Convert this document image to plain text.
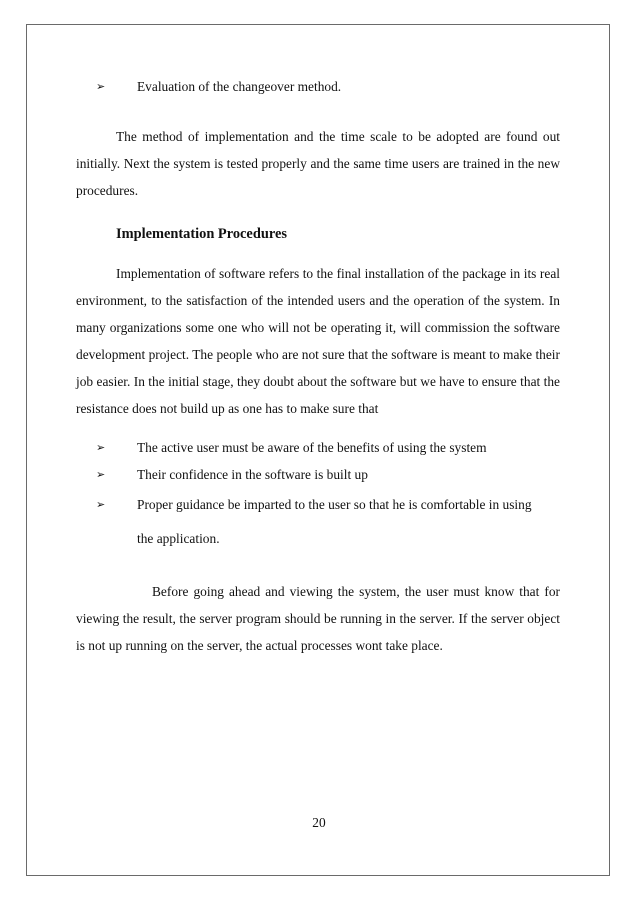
➢ Evaluation of the changeover method.

The method of implementation and the time scale to be adopted are found out initially. Next the system is tested properly and the same time users are trained in the new procedures.

Implementation Procedures

Implementation of software refers to the final installation of the package in its real environment, to the satisfaction of the intended users and the operation of the system. In many organizations some one who will not be operating it, will commission the software development project. The people who are not sure that the software is meant to make their job easier. In the initial stage, they doubt about the software but we have to ensure that the resistance does not build up as one has to make sure that

➢ The active user must be aware of the benefits of using the system
➢ Their confidence in the software is built up
➢ Proper guidance be imparted to the user so that he is comfortable in using the application.

Before going ahead and viewing the system, the user must know that for viewing the result, the server program should be running in the server. If the server object is not up running on the server, the actual processes wont take place.

20
